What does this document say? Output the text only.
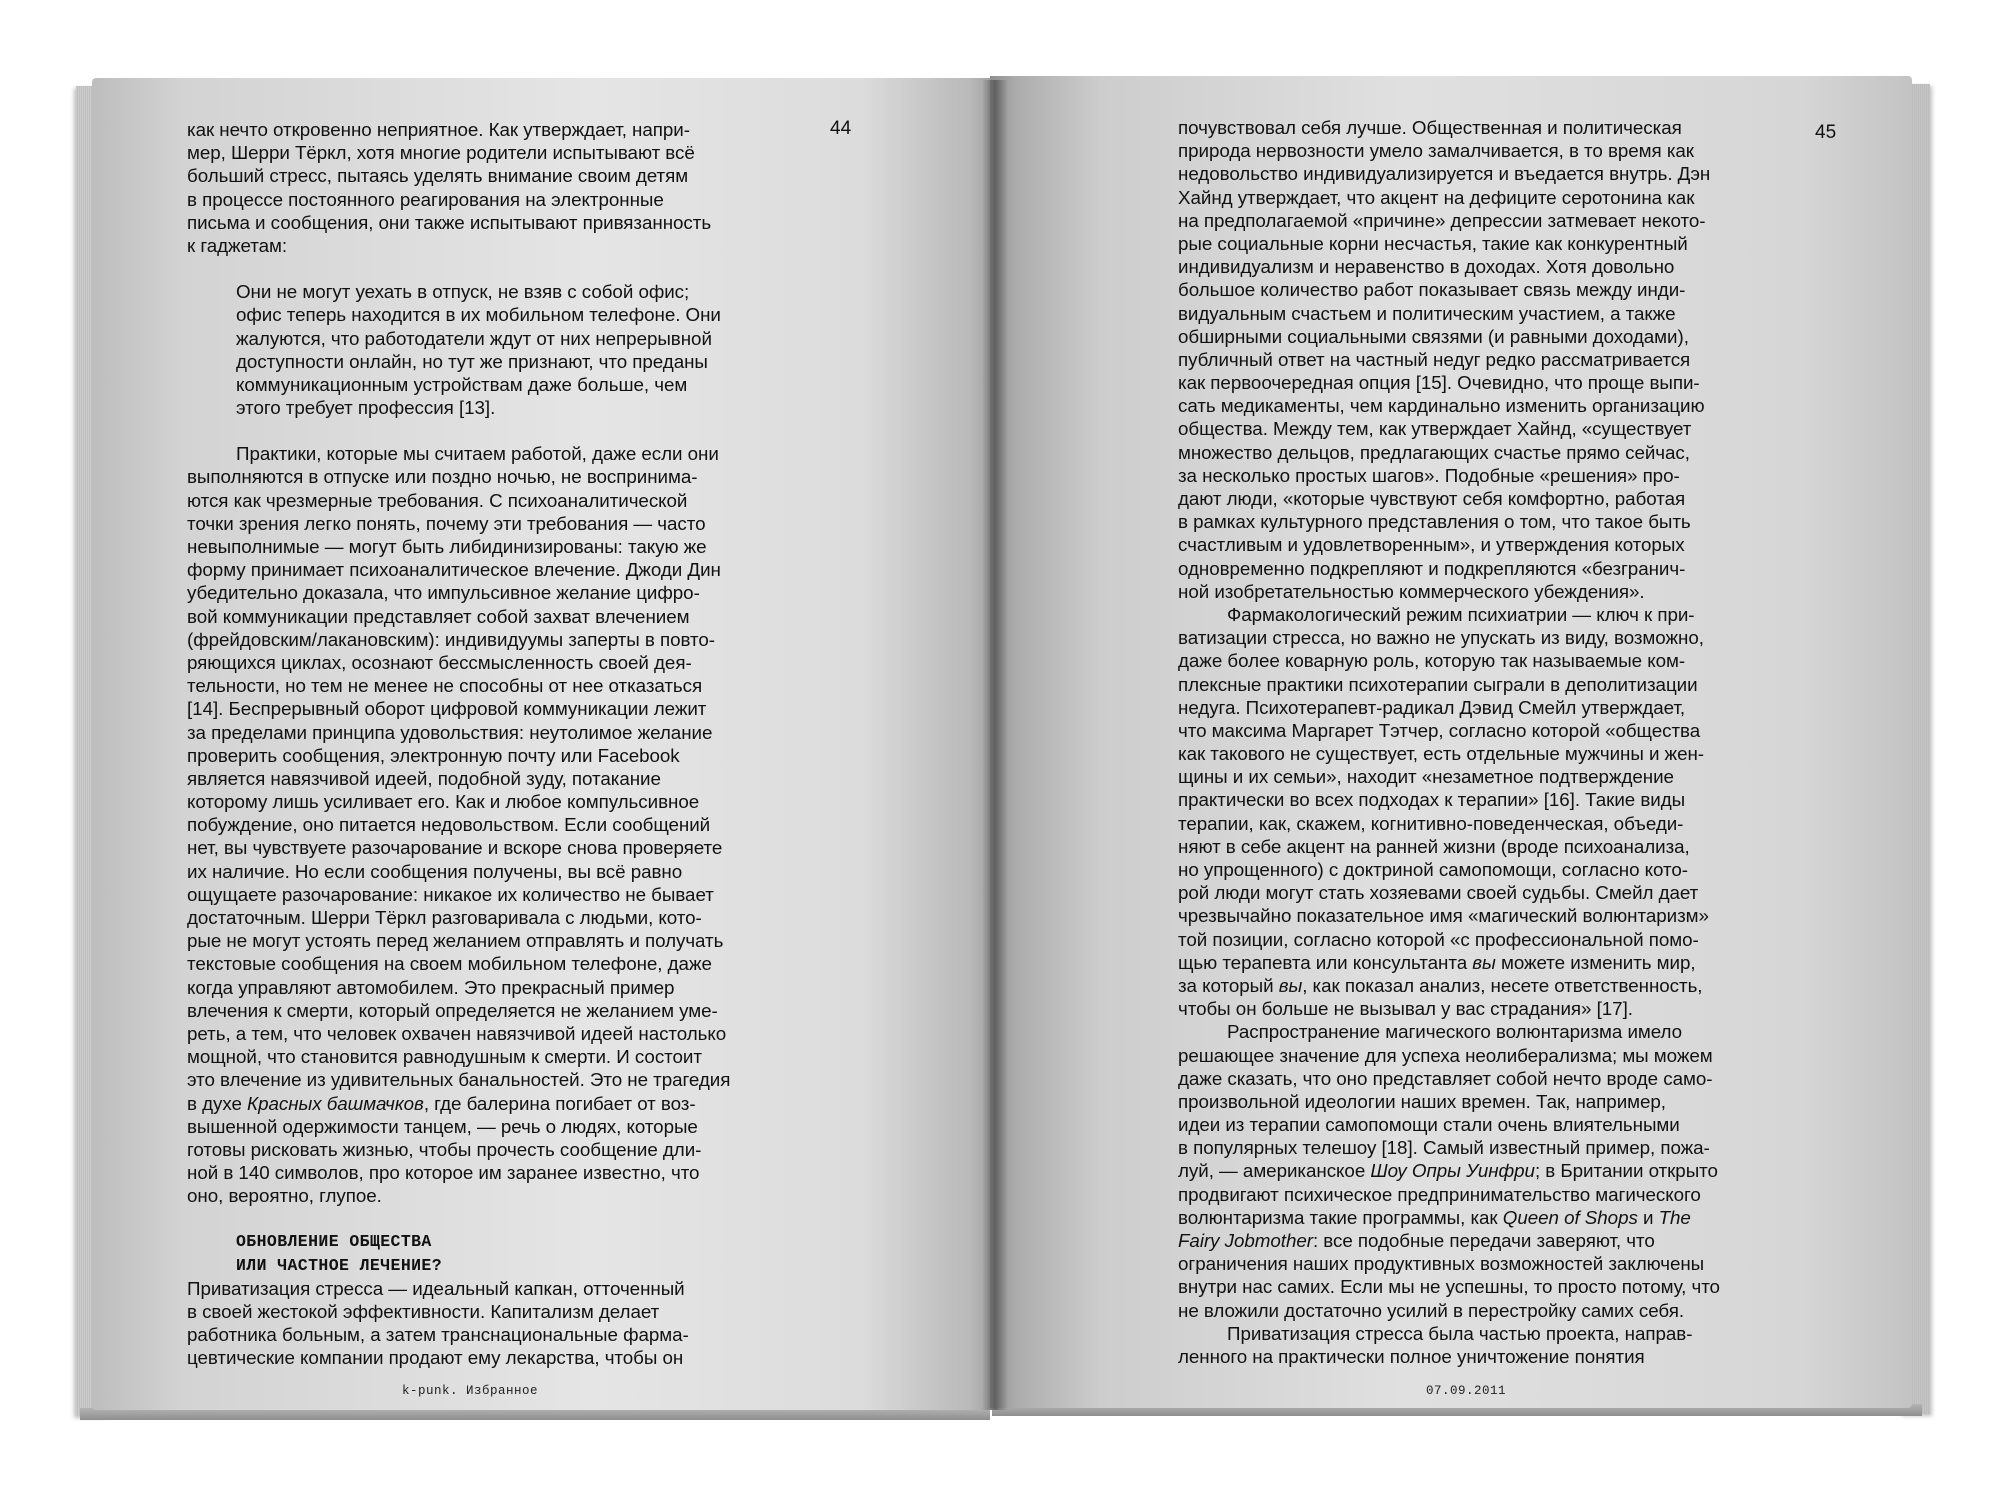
44
как нечто откровенно неприятное. Как утверждает, напри-
мер, Шерри Тёркл, хотя многие родители испытывают всё
больший стресс, пытаясь уделять внимание своим детям
в процессе постоянного реагирования на электронные
письма и сообщения, они также испытывают привязанность
к гаджетам:
Они не могут уехать в отпуск, не взяв с собой офис;
офис теперь находится в их мобильном телефоне. Они
жалуются, что работодатели ждут от них непрерывной
доступности онлайн, но тут же признают, что преданы
коммуникационным устройствам даже больше, чем
этого требует профессия [13].
Практики, которые мы считаем работой, даже если они
выполняются в отпуске или поздно ночью, не воспринима-
ются как чрезмерные требования. С психоаналитической
точки зрения легко понять, почему эти требования — часто
невыполнимые — могут быть либидинизированы: такую же
форму принимает психоаналитическое влечение. Джоди Дин
убедительно доказала, что импульсивное желание цифро-
вой коммуникации представляет собой захват влечением
(фрейдовским/лакановским): индивидуумы заперты в повто-
ряющихся циклах, осознают бессмысленность своей дея-
тельности, но тем не менее не способны от нее отказаться
[14]. Беспрерывный оборот цифровой коммуникации лежит
за пределами принципа удовольствия: неутолимое желание
проверить сообщения, электронную почту или Facebook
является навязчивой идеей, подобной зуду, потакание
которому лишь усиливает его. Как и любое компульсивное
побуждение, оно питается недовольством. Если сообщений
нет, вы чувствуете разочарование и вскоре снова проверяете
их наличие. Но если сообщения получены, вы всё равно
ощущаете разочарование: никакое их количество не бывает
достаточным. Шерри Тёркл разговаривала с людьми, кото-
рые не могут устоять перед желанием отправлять и получать
текстовые сообщения на своем мобильном телефоне, даже
когда управляют автомобилем. Это прекрасный пример
влечения к смерти, который определяется не желанием уме-
реть, а тем, что человек охвачен навязчивой идеей настолько
мощной, что становится равнодушным к смерти. И состоит
это влечение из удивительных банальностей. Это не трагедия
в духе Красных башмачков, где балерина погибает от воз-
вышенной одержимости танцем, — речь о людях, которые
готовы рисковать жизнью, чтобы прочесть сообщение дли-
ной в 140 символов, про которое им заранее известно, что
оно, вероятно, глупое.
ОБНОВЛЕНИЕ ОБЩЕСТВА
ИЛИ ЧАСТНОЕ ЛЕЧЕНИЕ?
Приватизация стресса — идеальный капкан, отточенный
в своей жестокой эффективности. Капитализм делает
работника больным, а затем транснациональные фарма-
цевтические компании продают ему лекарства, чтобы он
k-punk. Избранное
45
почувствовал себя лучше. Общественная и политическая
природа нервозности умело замалчивается, в то время как
недовольство индивидуализируется и въедается внутрь. Дэн
Хайнд утверждает, что акцент на дефиците серотонина как
на предполагаемой «причине» депрессии затмевает некото-
рые социальные корни несчастья, такие как конкурентный
индивидуализм и неравенство в доходах. Хотя довольно
большое количество работ показывает связь между инди-
видуальным счастьем и политическим участием, а также
обширными социальными связями (и равными доходами),
публичный ответ на частный недуг редко рассматривается
как первоочередная опция [15]. Очевидно, что проще выпи-
сать медикаменты, чем кардинально изменить организацию
общества. Между тем, как утверждает Хайнд, «существует
множество дельцов, предлагающих счастье прямо сейчас,
за несколько простых шагов». Подобные «решения» про-
дают люди, «которые чувствуют себя комфортно, работая
в рамках культурного представления о том, что такое быть
счастливым и удовлетворенным», и утверждения которых
одновременно подкрепляют и подкрепляются «безгранич-
ной изобретательностью коммерческого убеждения».
Фармакологический режим психиатрии — ключ к при-
ватизации стресса, но важно не упускать из виду, возможно,
даже более коварную роль, которую так называемые ком-
плексные практики психотерапии сыграли в деполитизации
недуга. Психотерапевт-радикал Дэвид Смейл утверждает,
что максима Маргарет Тэтчер, согласно которой «общества
как такового не существует, есть отдельные мужчины и жен-
щины и их семьи», находит «незаметное подтверждение
практически во всех подходах к терапии» [16]. Такие виды
терапии, как, скажем, когнитивно-поведенческая, объеди-
няют в себе акцент на ранней жизни (вроде психоанализа,
но упрощенного) с доктриной самопомощи, согласно кото-
рой люди могут стать хозяевами своей судьбы. Смейл дает
чрезвычайно показательное имя «магический волюнтаризм»
той позиции, согласно которой «с профессиональной помо-
щью терапевта или консультанта вы можете изменить мир,
за который вы, как показал анализ, несете ответственность,
чтобы он больше не вызывал у вас страдания» [17].
Распространение магического волюнтаризма имело
решающее значение для успеха неолиберализма; мы можем
даже сказать, что оно представляет собой нечто вроде само-
произвольной идеологии наших времен. Так, например,
идеи из терапии самопомощи стали очень влиятельными
в популярных телешоу [18]. Самый известный пример, пожа-
луй, — американское Шоу Опры Уинфри; в Британии открыто
продвигают психическое предпринимательство магического
волюнтаризма такие программы, как Queen of Shops и The
Fairy Jobmother: все подобные передачи заверяют, что
ограничения наших продуктивных возможностей заключены
внутри нас самих. Если мы не успешны, то просто потому, что
не вложили достаточно усилий в перестройку самих себя.
Приватизация стресса была частью проекта, направ-
ленного на практически полное уничтожение понятия
07.09.2011
